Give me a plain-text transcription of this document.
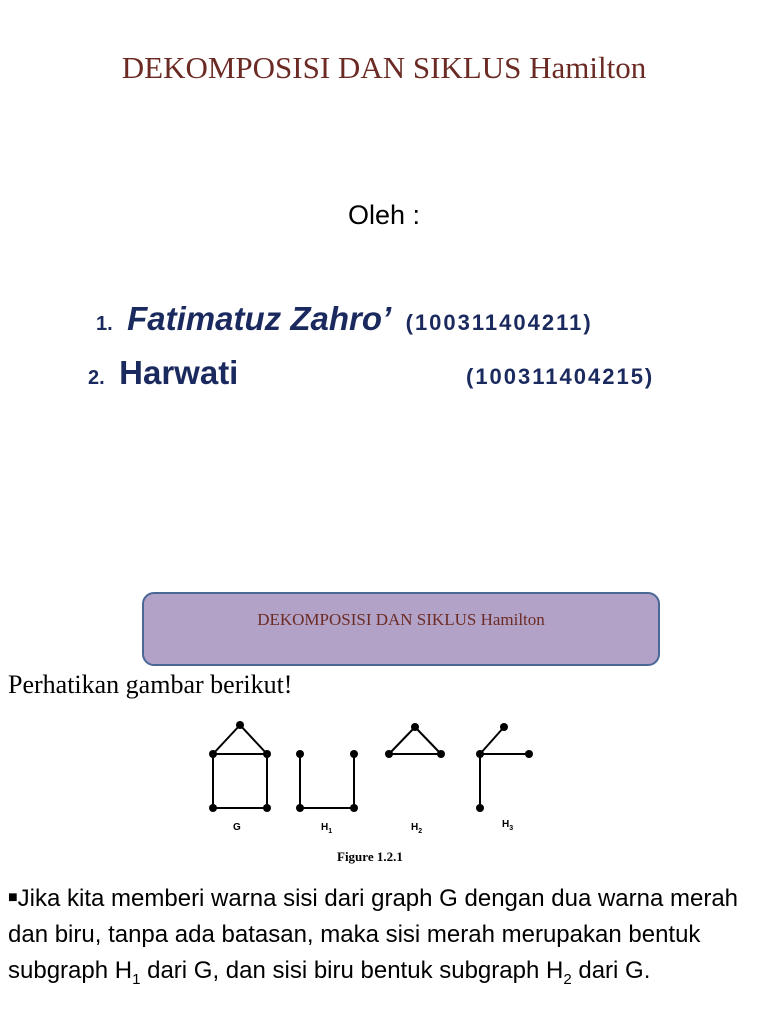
DEKOMPOSISI DAN SIKLUS Hamilton
Oleh :
1. Fatimatuz Zahro’ (100311404211)
2. Harwati	(100311404215)
DEKOMPOSISI DAN SIKLUS Hamilton
Perhatikan gambar berikut!
G	$H_1$	$H_2$
$H_3$
Figure 1.2.1
■Jika kita memberi warna sisi dari graph G dengan dua warna merah dan biru, tanpa ada batasan, maka sisi merah merupakan bentuk subgraph $H_1$ dari G, dan sisi biru bentuk subgraph $H_2$ dari G.
